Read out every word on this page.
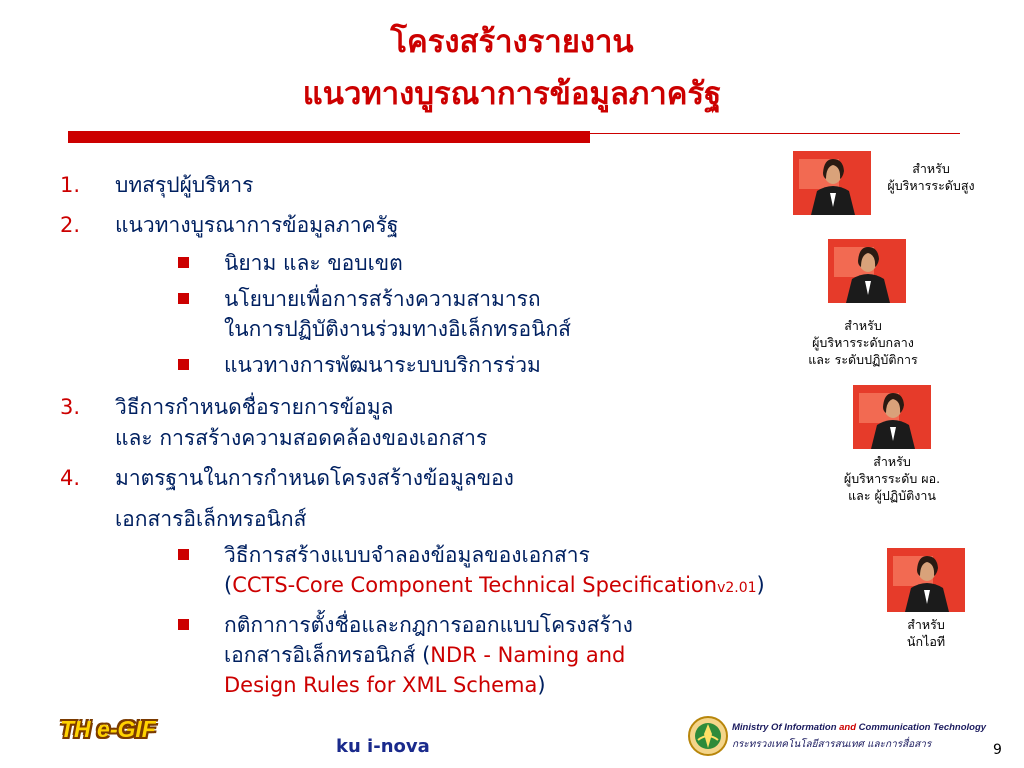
โครงสร้างรายงาน
แนวทางบูรณาการข้อมูลภาครัฐ
1. บทสรุปผู้บริหาร
2. แนวทางบูรณาการข้อมูลภาครัฐ
นิยาม และ ขอบเขต
นโยบายเพื่อการสร้างความสามารถ
ในการปฏิบัติงานร่วมทางอิเล็กทรอนิกส์
แนวทางการพัฒนาระบบบริการร่วม
3. วิธีการกำหนดชื่อรายการข้อมูล
และ การสร้างความสอดคล้องของเอกสาร
4. มาตรฐานในการกำหนดโครงสร้างข้อมูลของ
เอกสารอิเล็กทรอนิกส์
วิธีการสร้างแบบจำลองข้อมูลของเอกสาร
(CCTS-Core Component Technical Specificationv2.01)
กติกาการตั้งชื่อและกฎการออกแบบโครงสร้าง
เอกสารอิเล็กทรอนิกส์ (NDR - Naming and
Design Rules for XML Schema)
สำหรับ
ผู้บริหารระดับสูง
สำหรับ
ผู้บริหารระดับกลาง
และ ระดับปฏิบัติการ
สำหรับ
ผู้บริหารระดับ ผอ.
และ ผู้ปฏิบัติงาน
สำหรับ
นักไอที
TH e-GIF
ku i-nova
Ministry Of Information and Communication Technology
กระทรวงเทคโนโลยีสารสนเทศ และการสื่อสาร	9
